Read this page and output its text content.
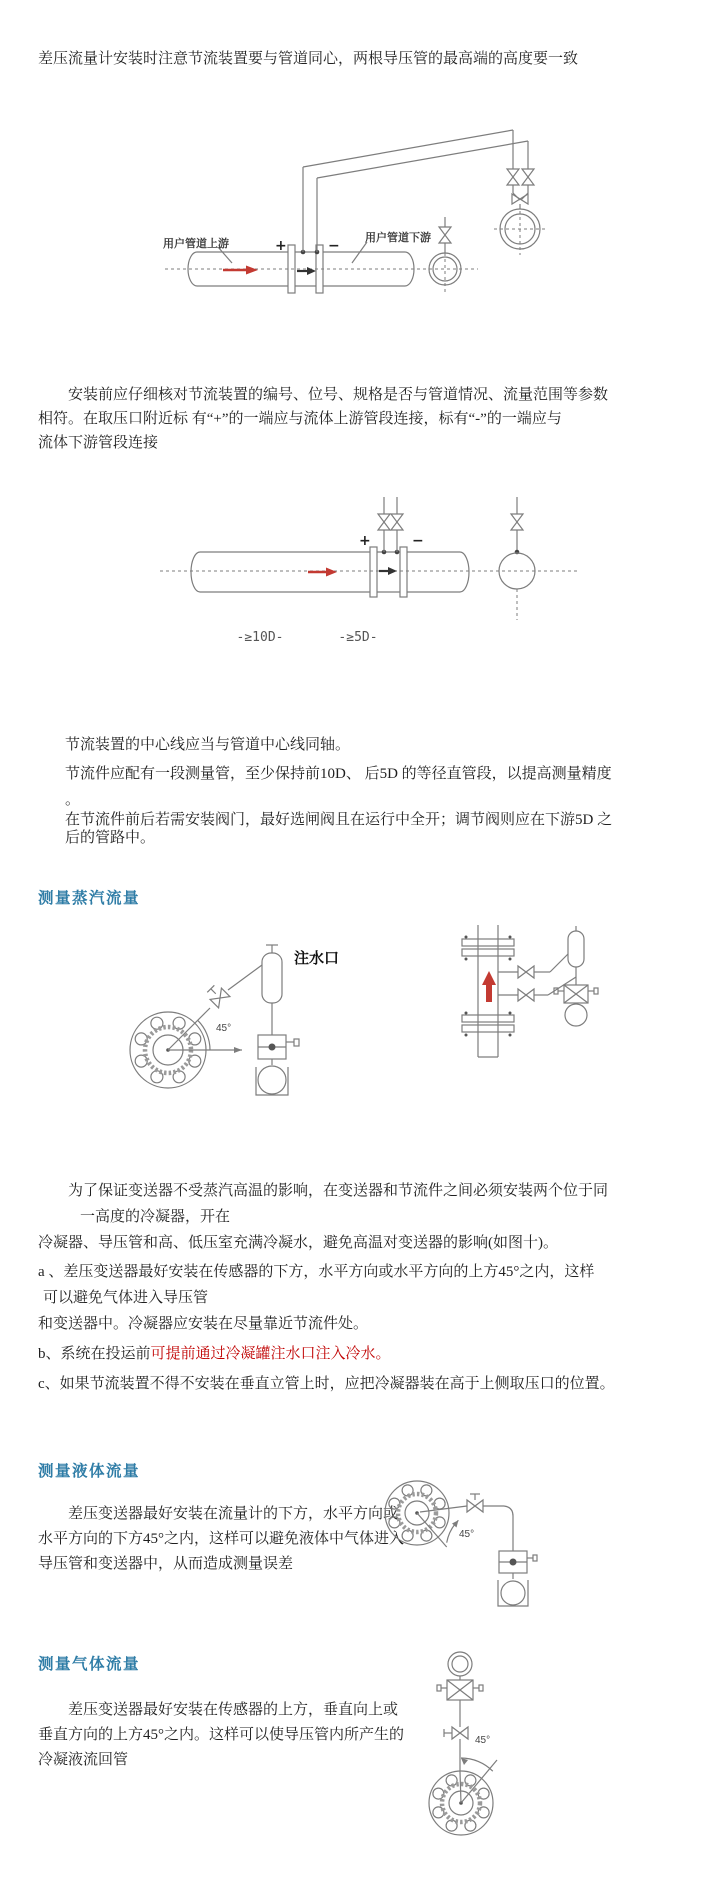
差压流量计安装时注意节流装置要与管道同心，两根导压管的最高端的高度要一致
用户管道上游	用户管道下游
+	−
安装前应仔细核对节流装置的编号、位号、规格是否与管道情况、流量范围等参数
相符。在取压口附近标 有“+”的一端应与流体上游管段连接，标有“-”的一端应与
流体下游管段连接
+	−
-≥10D-	-≥5D-
节流装置的中心线应当与管道中心线同轴。
节流件应配有一段测量管，至少保持前10D、 后5D 的等径直管段，以提高测量精度
。
在节流件前后若需安装阀门，最好选闸阀且在运行中全开；调节阀则应在下游5D 之
后的管路中。
测量蒸汽流量
45°
注水口
为了保证变送器不受蒸汽高温的影响，在变送器和节流件之间必须安装两个位于同
一高度的冷凝器，开在
冷凝器、导压管和高、低压室充满冷凝水，避免高温对变送器的影响(如图十)。
a 、差压变送器最好安装在传感器的下方，水平方向或水平方向的上方45°之内，这样
可以避免气体进入导压管
和变送器中。冷凝器应安装在尽量靠近节流件处。
b、系统在投运前可提前通过冷凝罐注水口注入冷水。
c、如果节流装置不得不安装在垂直立管上时，应把冷凝器装在高于上侧取压口的位置。
测量液体流量
差压变送器最好安装在流量计的下方，水平方向或
水平方向的下方45°之内，这样可以避免液体中气体进入
导压管和变送器中，从而造成测量误差
45°
测量气体流量
差压变送器最好安装在传感器的上方，垂直向上或
垂直方向的上方45°之内。这样可以使导压管内所产生的
冷凝液流回管
45°
